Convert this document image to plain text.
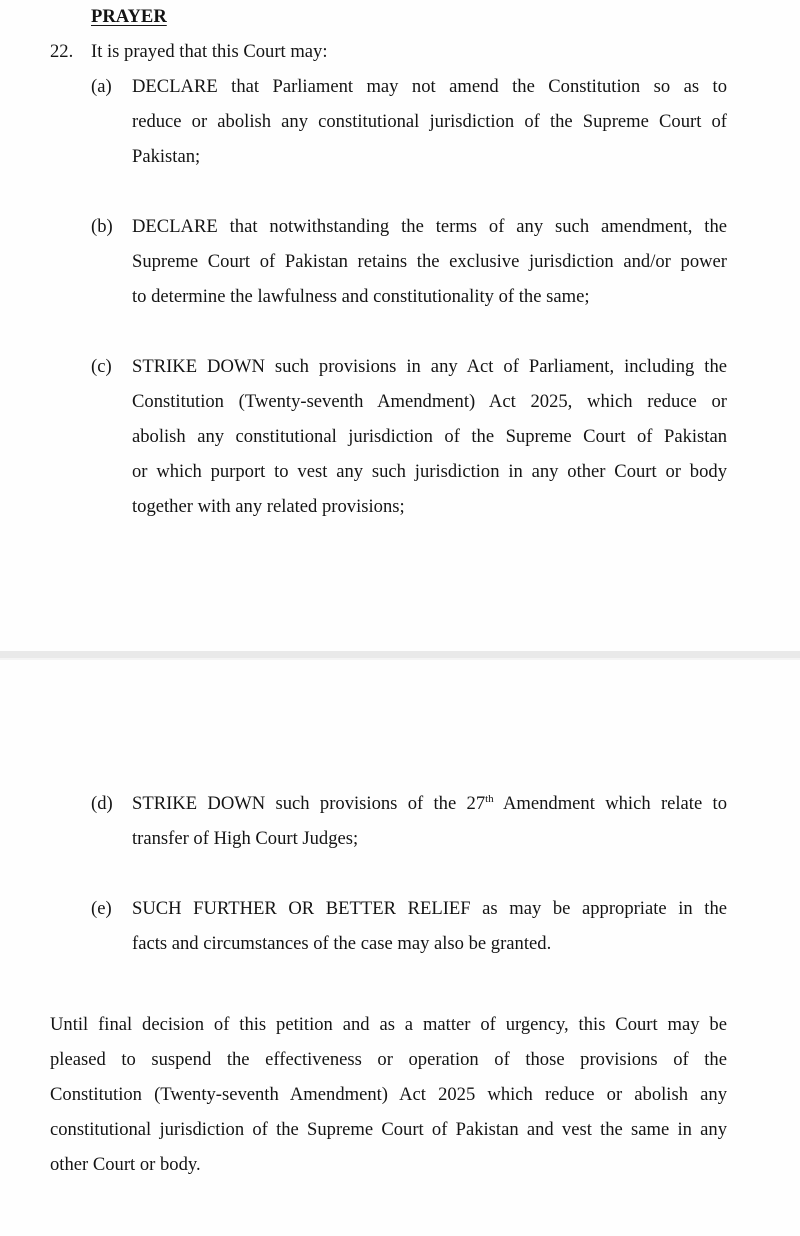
PRAYER
22. It is prayed that this Court may:
(a) DECLARE that Parliament may not amend the Constitution so as to
reduce or abolish any constitutional jurisdiction of the Supreme Court of
Pakistan;
(b) DECLARE that notwithstanding the terms of any such amendment, the
Supreme Court of Pakistan retains the exclusive jurisdiction and/or power
to determine the lawfulness and constitutionality of the same;
(c) STRIKE DOWN such provisions in any Act of Parliament, including the
Constitution (Twenty-seventh Amendment) Act 2025, which reduce or
abolish any constitutional jurisdiction of the Supreme Court of Pakistan
or which purport to vest any such jurisdiction in any other Court or body
together with any related provisions;
(d) STRIKE DOWN such provisions of the 27th Amendment which relate to
transfer of High Court Judges;
(e) SUCH FURTHER OR BETTER RELIEF as may be appropriate in the
facts and circumstances of the case may also be granted.
Until final decision of this petition and as a matter of urgency, this Court may be
pleased to suspend the effectiveness or operation of those provisions of the
Constitution (Twenty-seventh Amendment) Act 2025 which reduce or abolish any
constitutional jurisdiction of the Supreme Court of Pakistan and vest the same in any
other Court or body.
